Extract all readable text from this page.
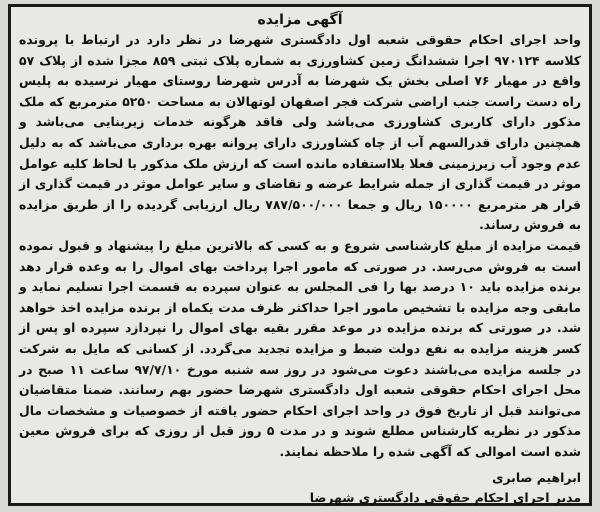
آگهی مزایده

واحد اجرای احکام حقوقی شعبه اول دادگستری شهرضا در نظر دارد در ارتباط با پرونده کلاسه ۹۷۰۱۲۴ اجرا ششدانگ زمین کشاورزی به شماره پلاک ثبتی ۸۵۹ مجزا شده از پلاک ۵۷ واقع در مهیار ۷۶ اصلی بخش یک شهرضا به آدرس شهرضا روستای مهیار نرسیده به پلیس راه دست راست جنب اراضی شرکت فجر اصفهان لوتهالان به مساحت ۵۲۵۰ مترمربع که ملک مذکور دارای کاربری کشاورزی می‌باشد ولی فاقد هرگونه خدمات زیربنایی می‌باشد و همچنین دارای قدرالسهم آب از چاه کشاورزی دارای پروانه بهره برداری می‌باشد که به دلیل عدم وجود آب زیرزمینی فعلا بلااستفاده مانده است که ارزش ملک مذکور با لحاظ کلیه عوامل موثر در قیمت گذاری از جمله شرایط عرضه و تقاضای و سایر عوامل موثر در قیمت گذاری از قرار هر مترمربع ۱۵۰۰۰۰ ریال و جمعا ۷۸۷/۵۰۰/۰۰۰ ریال ارزیابی گردیده را از طریق مزایده به فروش رساند.

قیمت مزایده از مبلغ کارشناسی شروع و به کسی که بالاترین مبلغ را پیشنهاد و قبول نموده است به فروش می‌رسد. در صورتی که مامور اجرا پرداخت بهای اموال را به وعده قرار دهد برنده مزایده باید ۱۰ درصد بها را فی المجلس به عنوان سپرده به قسمت اجرا تسلیم نماید و مابقی وجه مزایده با تشخیص مامور اجرا حداکثر ظرف مدت یکماه از برنده مزایده اخذ خواهد شد. در صورتی که برنده مزایده در موعد مقرر بقیه بهای اموال را نپردازد سپرده او پس از کسر هزینه مزایده به نفع دولت ضبط و مزایده تجدید می‌گردد. از کسانی که مایل به شرکت در جلسه مزایده می‌باشند دعوت می‌شود در روز سه شنبه مورخ ۹۷/۷/۱۰ ساعت ۱۱ صبح در محل اجرای احکام حقوقی شعبه اول دادگستری شهرضا حضور بهم رسانند. ضمنا متقاضیان می‌توانند قبل از تاریخ فوق در واحد اجرای احکام حضور یافته از خصوصیات و مشخصات مال مذکور در نظریه کارشناس مطلع شوند و در مدت ۵ روز قبل از روزی که برای فروش معین شده است اموالی که آگهی شده را ملاحظه نمایند.

ابراهیم صابری
مدیر اجرای احکام حقوقی دادگستری شهرضا
